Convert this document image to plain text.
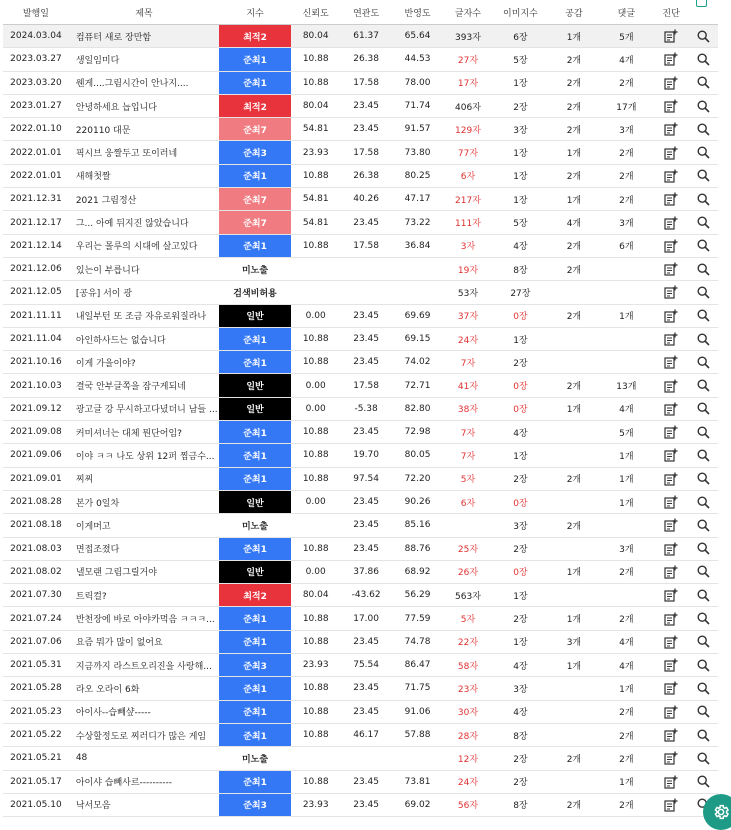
발행일	제목	지수	신뢰도	연관도	반영도	글자수	이미지수	공감	댓글	진단	
2024.03.04	컴퓨터 새로 장만함	최적2	80.04	61.37	65.64	393자	6장	1개	5개		
2023.03.27	생일임미다	준최1	10.88	26.38	44.53	27자	5장	2개	4개		
2023.03.20	웬게....그림시간이 안나지....	준최1	10.88	17.58	78.00	17자	1장	2개	2개		
2023.01.27	안녕하세요 늡입니다	최적2	80.04	23.45	71.74	406자	2장	2개	17개		
2022.01.10	220110 대문	준최7	54.81	23.45	91.57	129자	3장	2개	3개		
2022.01.01	픽시브 웅짤두고 또이러네	준최3	23.93	17.58	73.80	77자	1장	1개	2개		
2022.01.01	새해첫짤	준최1	10.88	26.38	80.25	6자	1장	2개	2개		
2021.12.31	2021 그림정산	준최7	54.81	40.26	47.17	217자	1장	1개	2개		
2021.12.17	그... 아예 뒤지진 않았습니다	준최7	54.81	23.45	73.22	111자	5장	4개	3개		
2021.12.14	우리는 몰루의 시대에 살고있다	준최1	10.88	17.58	36.84	3자	4장	2개	6개		
2021.12.06	있는이 부릅니다	미노출				19자	8장	2개			
2021.12.05	[공유] 서이 광	검색비허용				53자	27장				
2021.11.11	내일부턴 또 조금 자유로워질라나	일반	0.00	23.45	69.69	37자	0장	2개	1개		
2021.11.04	아인하사드는 없습니다	준최1	10.88	23.45	69.15	24자	1장				
2021.10.16	이게 가을이야?	준최1	10.88	23.45	74.02	7자	2장				
2021.10.03	결국 안부글쪽을 잠구게되네	일반	0.00	17.58	72.71	41자	0장	2개	13개		
2021.09.12	광고글 강 무시하고다녔더니 남들 ...	일반	0.00	-5.38	82.80	38자	0장	1개	4개		
2021.09.08	커미셔너는 대체 뭔단어임?	준최1	10.88	23.45	72.98	7자	4장		5개		
2021.09.06	이야 ㅋㅋ 나도 상위 12퍼 찜금수...	준최1	10.88	19.70	80.05	7자	1장		1개		
2021.09.01	찌찌	준최1	10.88	97.54	72.20	5자	2장	2개	1개		
2021.08.28	본가 0일차	일반	0.00	23.45	90.26	6자	0장		1개		
2021.08.18	이게머고	미노출		23.45	85.16		3장	2개			
2021.08.03	면접조졌다	준최1	10.88	23.45	88.76	25자	2장		3개		
2021.08.02	낼모랜 그림그릴거야	일반	0.00	37.86	68.92	26자	0장	1개	2개		
2021.07.30	트릭컬?	최적2	80.04	-43.62	56.29	563자	1장				
2021.07.24	반천장에 바로 아야카먹음 ㅋㅋㅋ...	준최1	10.88	17.00	77.59	5자	2장	1개	2개		
2021.07.06	요즘 뭐가 많이 없어요	준최1	10.88	23.45	74.78	22자	1장	3개	4개		
2021.05.31	지금까지 라스트오리진을 사랑해...	준최3	23.93	75.54	86.47	58자	4장	1개	4개		
2021.05.28	라오 오라이 6화	준최1	10.88	23.45	71.75	23자	3장		1개		
2021.05.23	아이사--습빼샾-----	준최1	10.88	23.45	91.06	30자	4장		2개		
2021.05.22	수상할정도로 찌러디가 많은 게임	준최1	10.88	46.17	57.88	28자	8장		2개		
2021.05.21	48	미노출				12자	2장	2개	2개		
2021.05.17	아이샤 습빼사르----------	준최1	10.88	23.45	73.81	24자	2장		1개		
2021.05.10	낙서모음	준최3	23.93	23.45	69.02	56자	8장	2개	2개		
